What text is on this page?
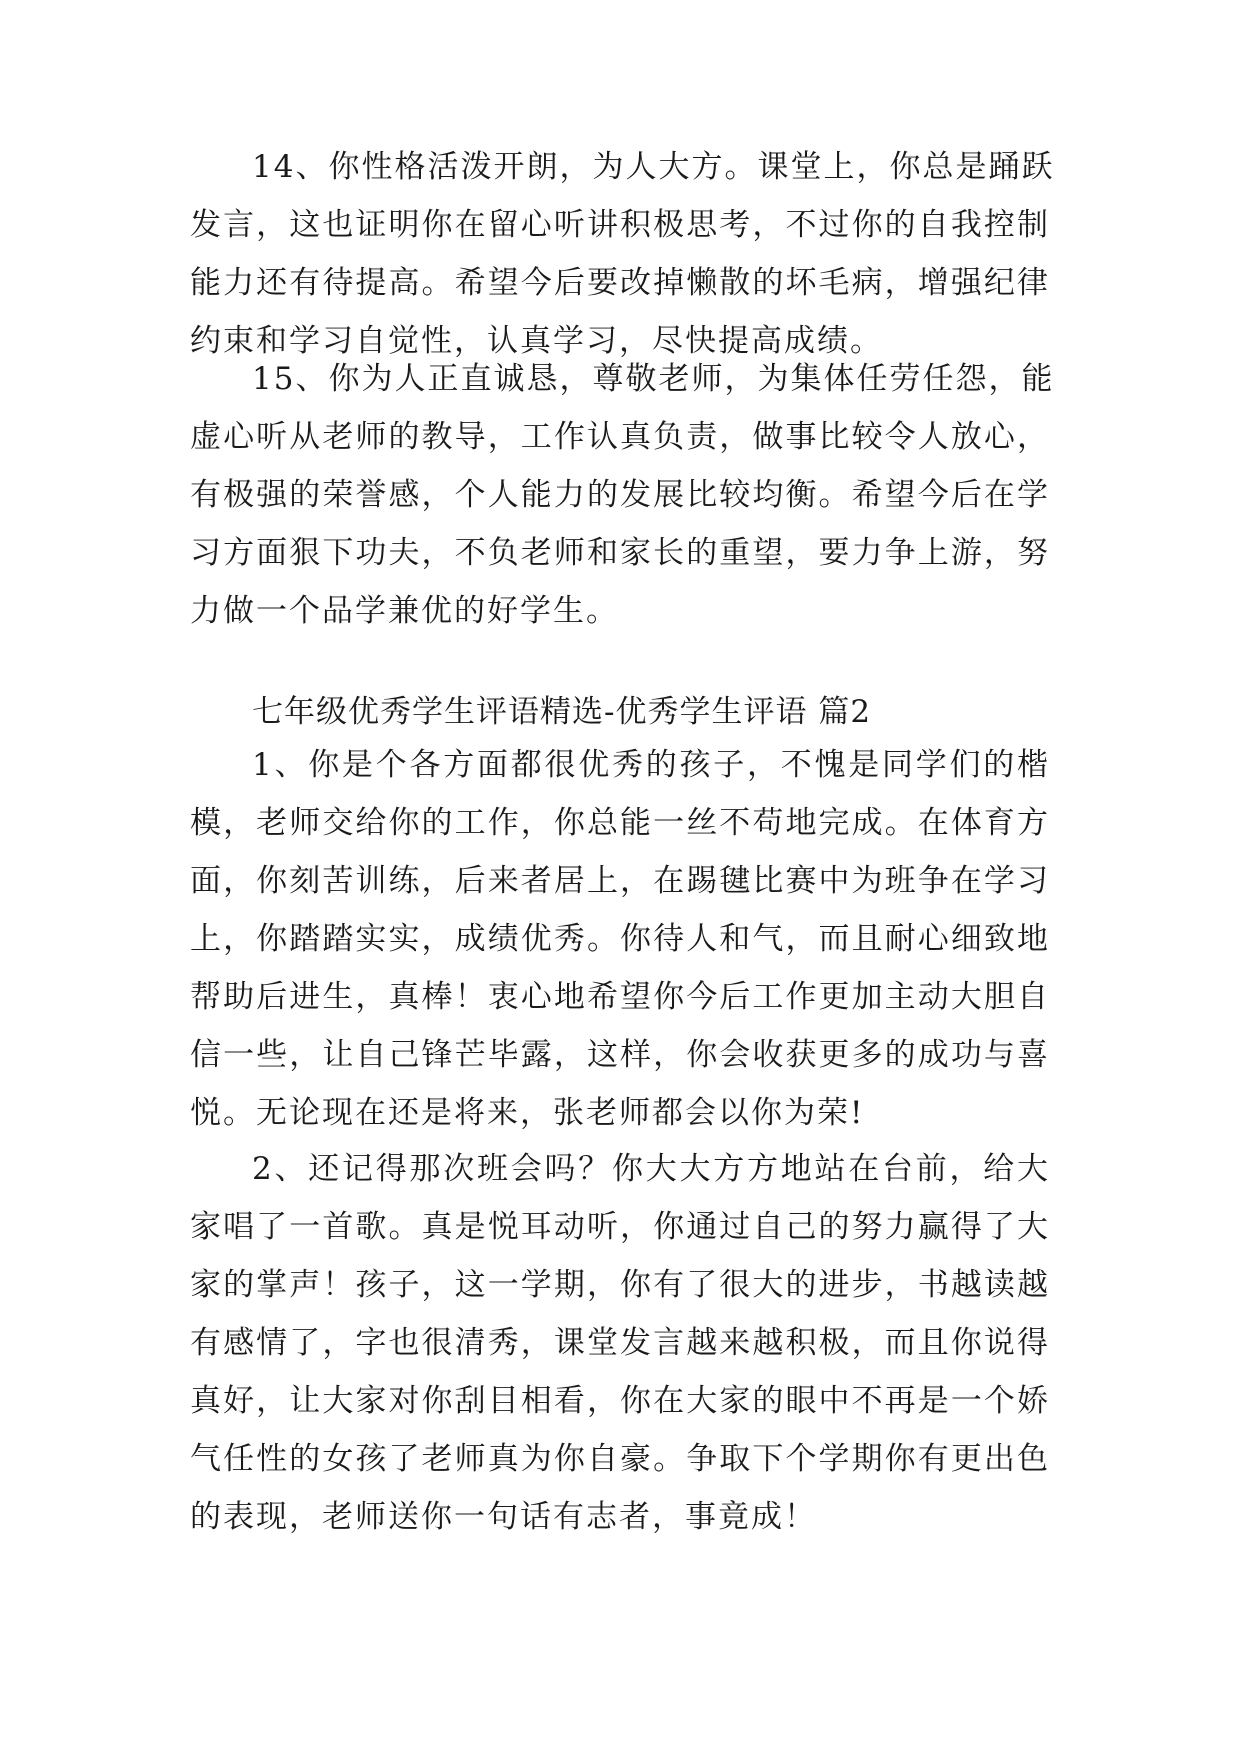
14、你性格活泼开朗，为人大方。课堂上，你总是踊跃
发言，这也证明你在留心听讲积极思考，不过你的自我控制
能力还有待提高。希望今后要改掉懒散的坏毛病，增强纪律
约束和学习自觉性，认真学习，尽快提高成绩。
15、你为人正直诚恳，尊敬老师，为集体任劳任怨，能
虚心听从老师的教导，工作认真负责，做事比较令人放心，
有极强的荣誉感，个人能力的发展比较均衡。希望今后在学
习方面狠下功夫，不负老师和家长的重望，要力争上游，努
力做一个品学兼优的好学生。
七年级优秀学生评语精选-优秀学生评语 篇2
1、你是个各方面都很优秀的孩子，不愧是同学们的楷
模，老师交给你的工作，你总能一丝不苟地完成。在体育方
面，你刻苦训练，后来者居上，在踢毽比赛中为班争在学习
上，你踏踏实实，成绩优秀。你待人和气，而且耐心细致地
帮助后进生，真棒！衷心地希望你今后工作更加主动大胆自
信一些，让自己锋芒毕露，这样，你会收获更多的成功与喜
悦。无论现在还是将来，张老师都会以你为荣!
2、还记得那次班会吗？你大大方方地站在台前，给大
家唱了一首歌。真是悦耳动听，你通过自己的努力赢得了大
家的掌声！孩子，这一学期，你有了很大的进步，书越读越
有感情了，字也很清秀，课堂发言越来越积极，而且你说得
真好，让大家对你刮目相看，你在大家的眼中不再是一个娇
气任性的女孩了老师真为你自豪。争取下个学期你有更出色
的表现，老师送你一句话有志者，事竟成！
